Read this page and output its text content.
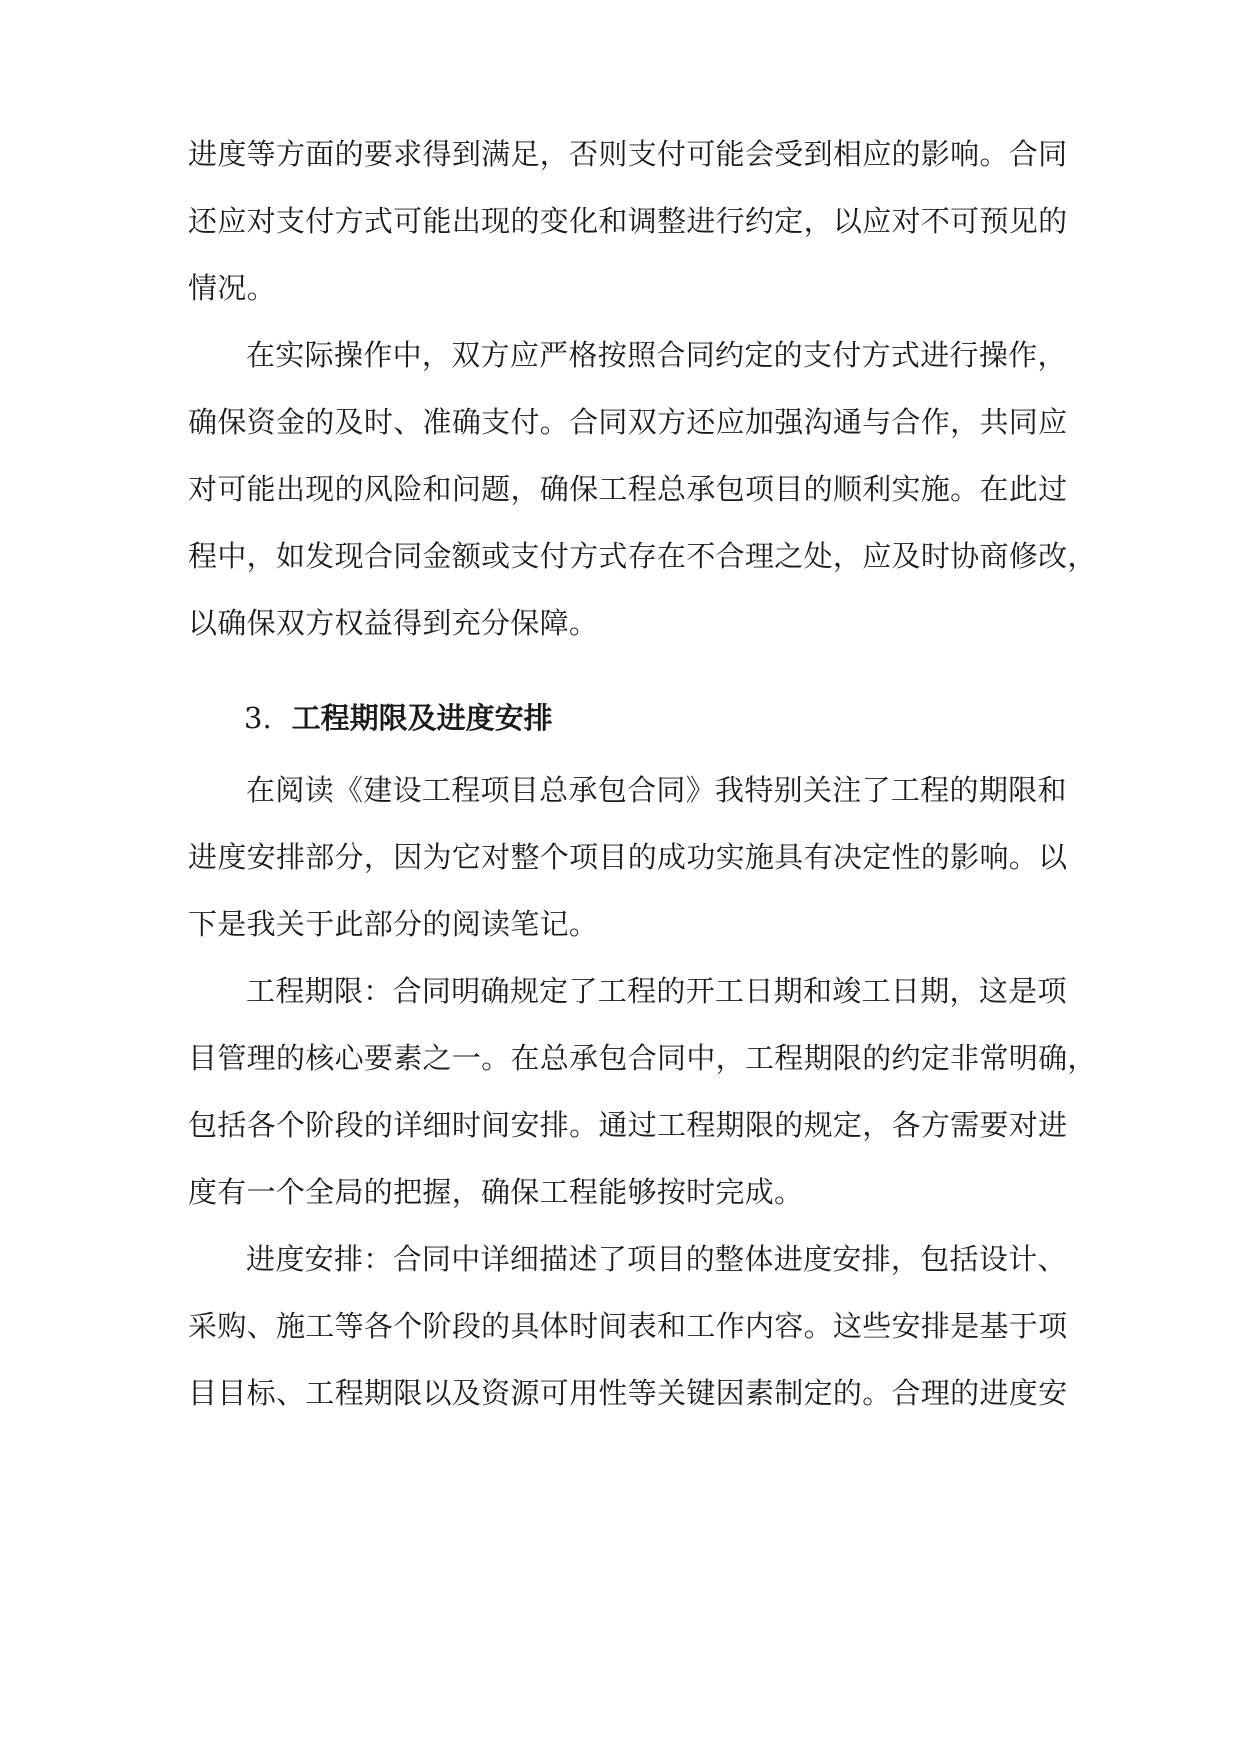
进 度 等 方 面 的 要 求 得 到 满 足 ， 否 则 支 付 可 能 会 受 到 相 应 的 影 响 。 合 同
还 应 对 支 付 方 式 可 能 出 现 的 变 化 和 调 整 进 行 约 定 ， 以 应 对 不 可 预 见 的
情况。
在 实 际 操 作 中 ， 双 方 应 严 格 按 照 合 同 约 定 的 支 付 方 式 进 行 操 作 ，
确 保 资 金 的 及 时 、 准 确 支 付 。 合 同 双 方 还 应 加 强 沟 通 与 合 作 ， 共 同 应
对 可 能 出 现 的 风 险 和 问 题 ， 确 保 工 程 总 承 包 项 目 的 顺 利 实 施 。 在 此 过
程 中 ， 如 发 现 合 同 金 额 或 支 付 方 式 存 在 不 合 理 之 处 ， 应 及 时 协 商 修 改 ，
以确保双方权益得到充分保障。
3. 工程期限及进度安排
在 阅 读 《 建 设 工 程 项 目 总 承 包 合 同 》 我 特 别 关 注 了 工 程 的 期 限 和
进 度 安 排 部 分 ， 因 为 它 对 整 个 项 目 的 成 功 实 施 具 有 决 定 性 的 影 响 。 以
下是我关于此部分的阅读笔记。
工 程 期 限 ： 合 同 明 确 规 定 了 工 程 的 开 工 日 期 和 竣 工 日 期 ， 这 是 项
目 管 理 的 核 心 要 素 之 一 。 在 总 承 包 合 同 中 ， 工 程 期 限 的 约 定 非 常 明 确 ，
包 括 各 个 阶 段 的 详 细 时 间 安 排 。 通 过 工 程 期 限 的 规 定 ， 各 方 需 要 对 进
度有一个全局的把握，确保工程能够按时完成。
进 度 安 排 ： 合 同 中 详 细 描 述 了 项 目 的 整 体 进 度 安 排 ， 包 括 设 计 、
采 购 、 施 工 等 各 个 阶 段 的 具 体 时 间 表 和 工 作 内 容 。 这 些 安 排 是 基 于 项
目 目 标 、 工 程 期 限 以 及 资 源 可 用 性 等 关 键 因 素 制 定 的 。 合 理 的 进 度 安
